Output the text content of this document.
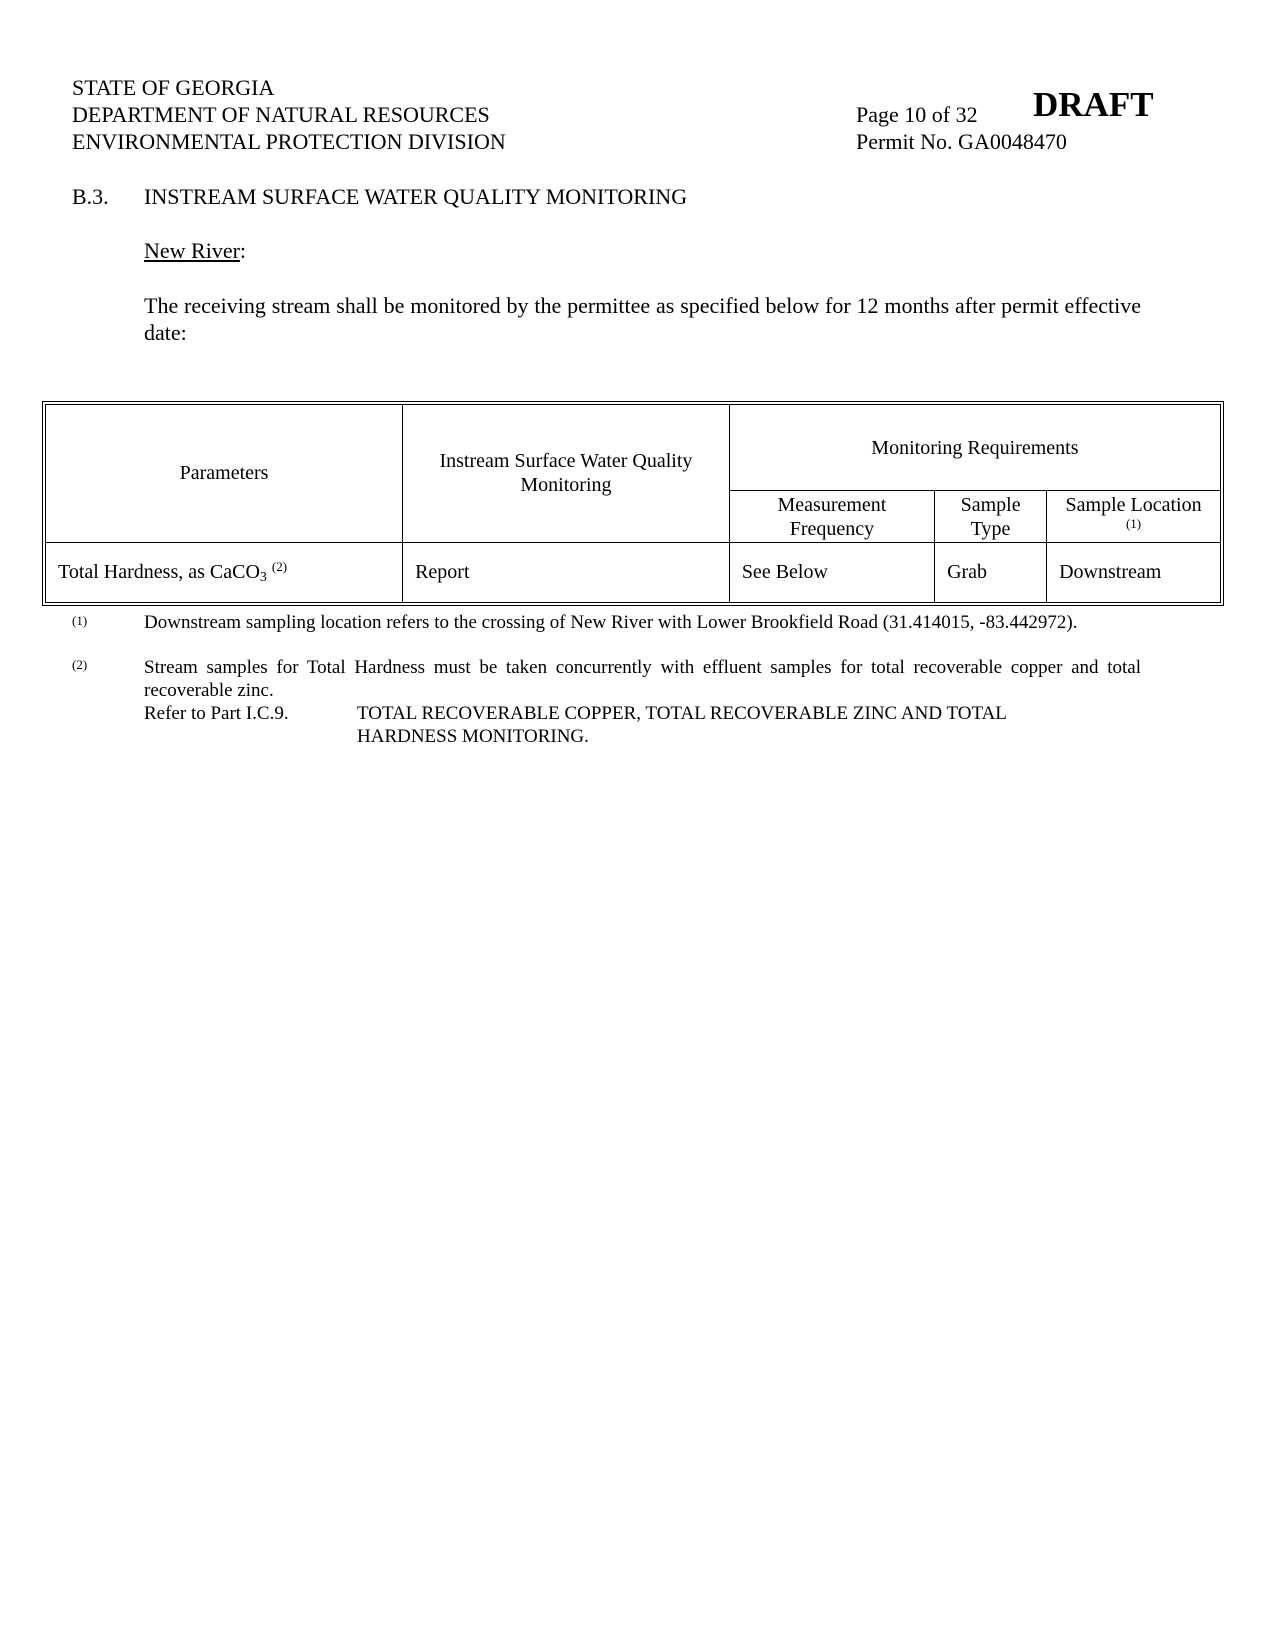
STATE OF GEORGIA
DEPARTMENT OF NATURAL RESOURCES
ENVIRONMENTAL PROTECTION DIVISION
Page 10 of 32 DRAFT
Permit No. GA0048470
B.3. INSTREAM SURFACE WATER QUALITY MONITORING
New River:
The receiving stream shall be monitored by the permittee as specified below for 12 months after permit effective date:
Parameters	Instream Surface Water Quality Monitoring	Monitoring Requirements		
		Measurement Frequency	Sample Type	Sample Location $^{(1)}$
Total Hardness, as CaCO$_3$ $^{(2)}$	Report	See Below	Grab	Downstream
(1)	Downstream sampling location refers to the crossing of New River with Lower Brookfield Road (31.414015, -83.442972).
(2)	Stream samples for Total Hardness must be taken concurrently with effluent samples for total recoverable copper and total recoverable zinc.
Refer to Part I.C.9.	TOTAL RECOVERABLE COPPER, TOTAL RECOVERABLE ZINC AND TOTAL HARDNESS MONITORING.
